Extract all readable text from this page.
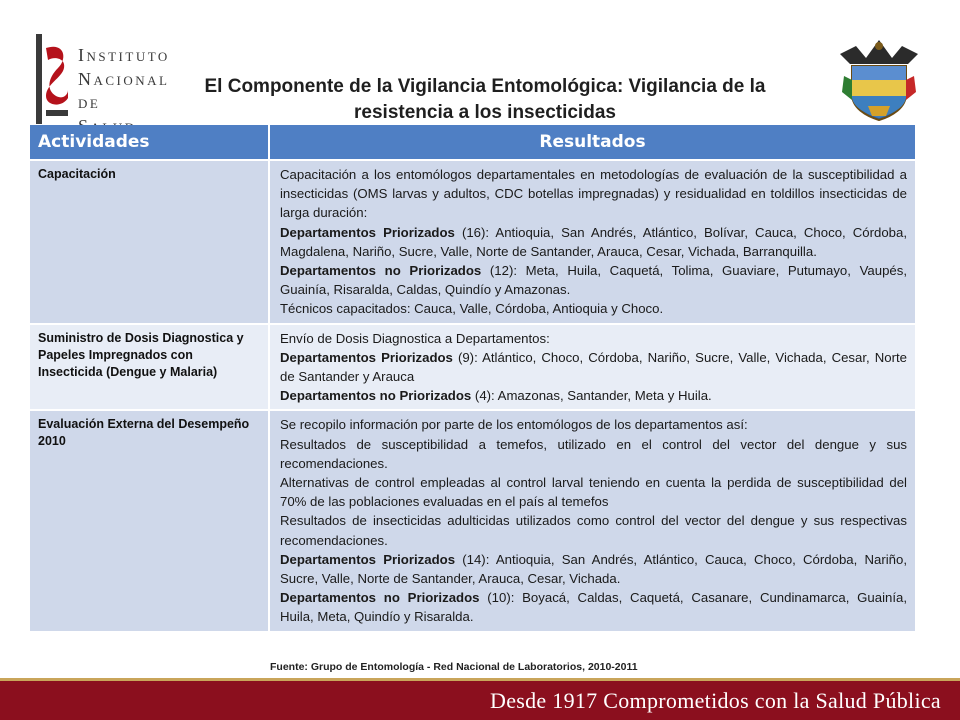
INSTITUTO
NACIONAL DE
El Componente de la Vigilancia Entomológica: Vigilancia de la
resistencia a los insecticidas
Actividades	Resultados
Capacitación	Capacitación a los entomólogos departamentales en metodologías de evaluación de la susceptibilidad a insecticidas (OMS larvas y adultos, CDC botellas impregnadas) y residualidad en toldillos insecticidas de larga duración:

Departamentos Priorizados (16): Antioquia, San Andrés, Atlántico, Bolívar, Cauca, Choco, Córdoba, Magdalena, Nariño, Sucre, Valle, Norte de Santander, Arauca, Cesar, Vichada, Barranquilla.

Departamentos no Priorizados (12): Meta, Huila, Caquetá, Tolima, Guaviare, Putumayo, Vaupés, Guainía, Risaralda, Caldas, Quindío y Amazonas.

Técnicos capacitados: Cauca, Valle, Córdoba, Antioquia y Choco.

Suministro de Dosis Diagnostica y Papeles Impregnados con Insecticida (Dengue y Malaria)

Envío de Dosis Diagnostica a Departamentos:

Departamentos Priorizados (9): Atlántico, Choco, Córdoba, Nariño, Sucre, Valle, Vichada, Cesar, Norte de Santander y Arauca

Departamentos no Priorizados (4): Amazonas, Santander, Meta y Huila.

Evaluación Externa del Desempeño 2010

Se recopilo información por parte de los entomólogos de los departamentos así:

Resultados de susceptibilidad a temefos, utilizado en el control del vector del dengue y sus recomendaciones.

Alternativas de control empleadas al control larval teniendo en cuenta la perdida de susceptibilidad del 70% de las poblaciones evaluadas en el país al temefos

Resultados de insecticidas adulticidas utilizados como control del vector del dengue y sus respectivas recomendaciones.

Departamentos Priorizados (14): Antioquia, San Andrés, Atlántico, Cauca, Choco, Córdoba, Nariño, Sucre, Valle, Norte de Santander, Arauca, Cesar, Vichada.

Departamentos no Priorizados (10): Boyacá, Caldas, Caquetá, Casanare, Cundinamarca, Guainía, Huila, Meta, Quindío y Risaralda.

Fuente: Grupo de Entomología - Red Nacional de Laboratorios, 2010-2011
Desde 1917 Comprometidos con la Salud Pública
